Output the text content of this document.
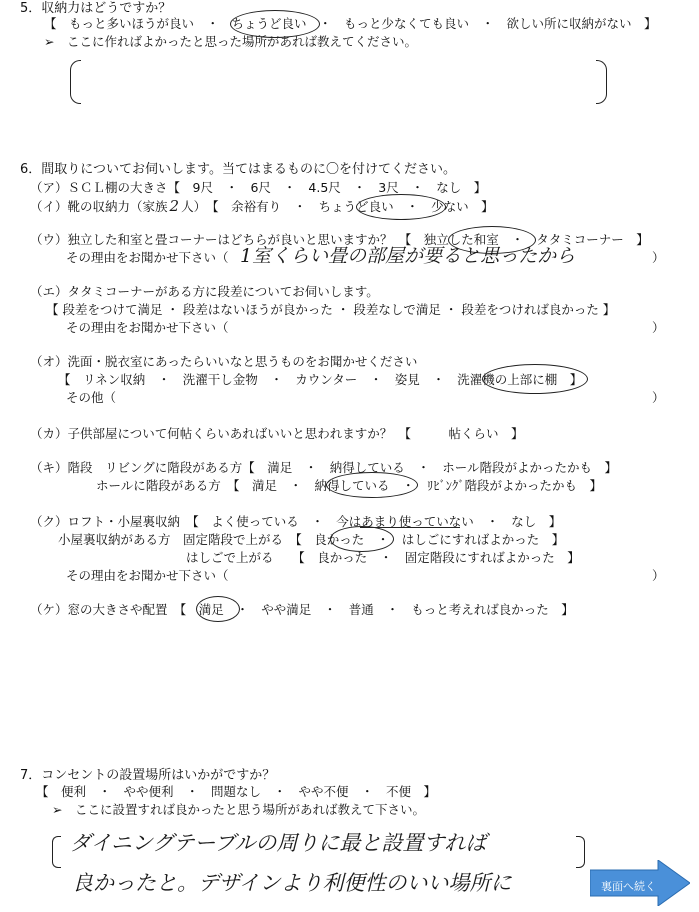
5．収納力はどうですか？
【　もっと多いほうが良い　・　ちょうど良い　・　もっと少なくても良い　・　欲しい所に収納がない　】
➢　ここに作ればよかったと思った場所があれば教えてください。
6．間取りについてお伺いします。当てはまるものに〇を付けてください。
（ア）ＳＣＬ棚の大きさ【　9尺　・　6尺　・　4.5尺　・　3尺　・　なし　】
（イ）靴の収納力（家族 2 人）　【　余裕有り　・　ちょうど良い　・　少ない　】
（ウ）独立した和室と畳コーナーはどちらが良いと思いますか？　【　独立した和室　・　タタミコーナー　】
その理由をお聞かせ下さい（ 1室くらい畳の部屋が要ると思ったから	）
（エ）タタミコーナーがある方に段差についてお伺いします。
【 段差をつけて満足 ・ 段差はないほうが良かった ・ 段差なしで満足 ・ 段差をつければ良かった 】
その理由をお聞かせ下さい（	）
（オ）洗面・脱衣室にあったらいいなと思うものをお聞かせください
【　リネン収納　・　洗濯干し金物　・　カウンター　・　姿見　・　洗濯機の上部に棚　】
その他（	）
（カ）子供部屋について何帖くらいあればいいと思われますか？　【　　　帖くらい　】
（キ）階段　リビングに階段がある方【　満足　・　納得している　・　ホール階段がよかったかも　】
ホールに階段がある方　【　満足　・　納得している　・　ﾘﾋﾞﾝｸﾞ階段がよかったかも　】
（ク）ロフト・小屋裏収納　【　よく使っている　・　今はあまり使っていない　・　なし　】
小屋裏収納がある方　固定階段で上がる　【　良かった　・　はしごにすればよかった　】
はしごで上がる　　【　良かった　・　固定階段にすればよかった　】
その理由をお聞かせ下さい（	）
（ケ）窓の大きさや配置　【　満足　・　やや満足　・　普通　・　もっと考えれば良かった　】
7．コンセントの設置場所はいかがですか？
【　便利　・　やや便利　・　問題なし　・　やや不便　・　不便　】
➢　ここに設置すれば良かったと思う場所があれば教えて下さい。
ダイニングテーブルの周りに最と設置すれば
良かったと。デザインより利便性のいい場所に	裏面へ続く
